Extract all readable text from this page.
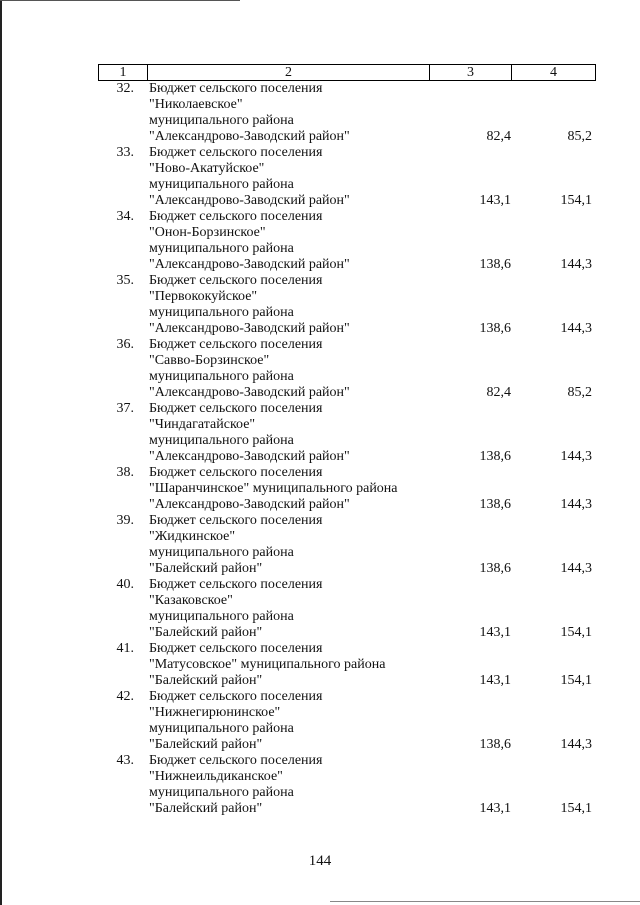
1	2	3	4
32.	Бюджет сельского поселения
"Николаевское"
муниципального района
"Александрово-Заводский район"	82,4	85,2
33.	Бюджет сельского поселения
"Ново-Акатуйское"
муниципального района
"Александрово-Заводский район"	143,1	154,1
34.	Бюджет сельского поселения
"Онон-Борзинское"
муниципального района
"Александрово-Заводский район"	138,6	144,3
35.	Бюджет сельского поселения
"Первококуйское"
муниципального района
"Александрово-Заводский район"	138,6	144,3
36.	Бюджет сельского поселения
"Савво-Борзинское"
муниципального района
"Александрово-Заводский район"	82,4	85,2
37.	Бюджет сельского поселения
"Чиндагатайское"
муниципального района
"Александрово-Заводский район"	138,6	144,3
38.	Бюджет сельского поселения
"Шаранчинское" муниципального района
"Александрово-Заводский район"	138,6	144,3
39.	Бюджет сельского поселения
"Жидкинское"
муниципального района
"Балейский район"	138,6	144,3
40.	Бюджет сельского поселения
"Казаковское"
муниципального района
"Балейский район"	143,1	154,1
41.	Бюджет сельского поселения
"Матусовское" муниципального района
"Балейский район"	143,1	154,1
42.	Бюджет сельского поселения
"Нижнегирюнинское"
муниципального района
"Балейский район"	138,6	144,3
43.	Бюджет сельского поселения
"Нижнеильдиканское"
муниципального района
"Балейский район"	143,1	154,1
144
